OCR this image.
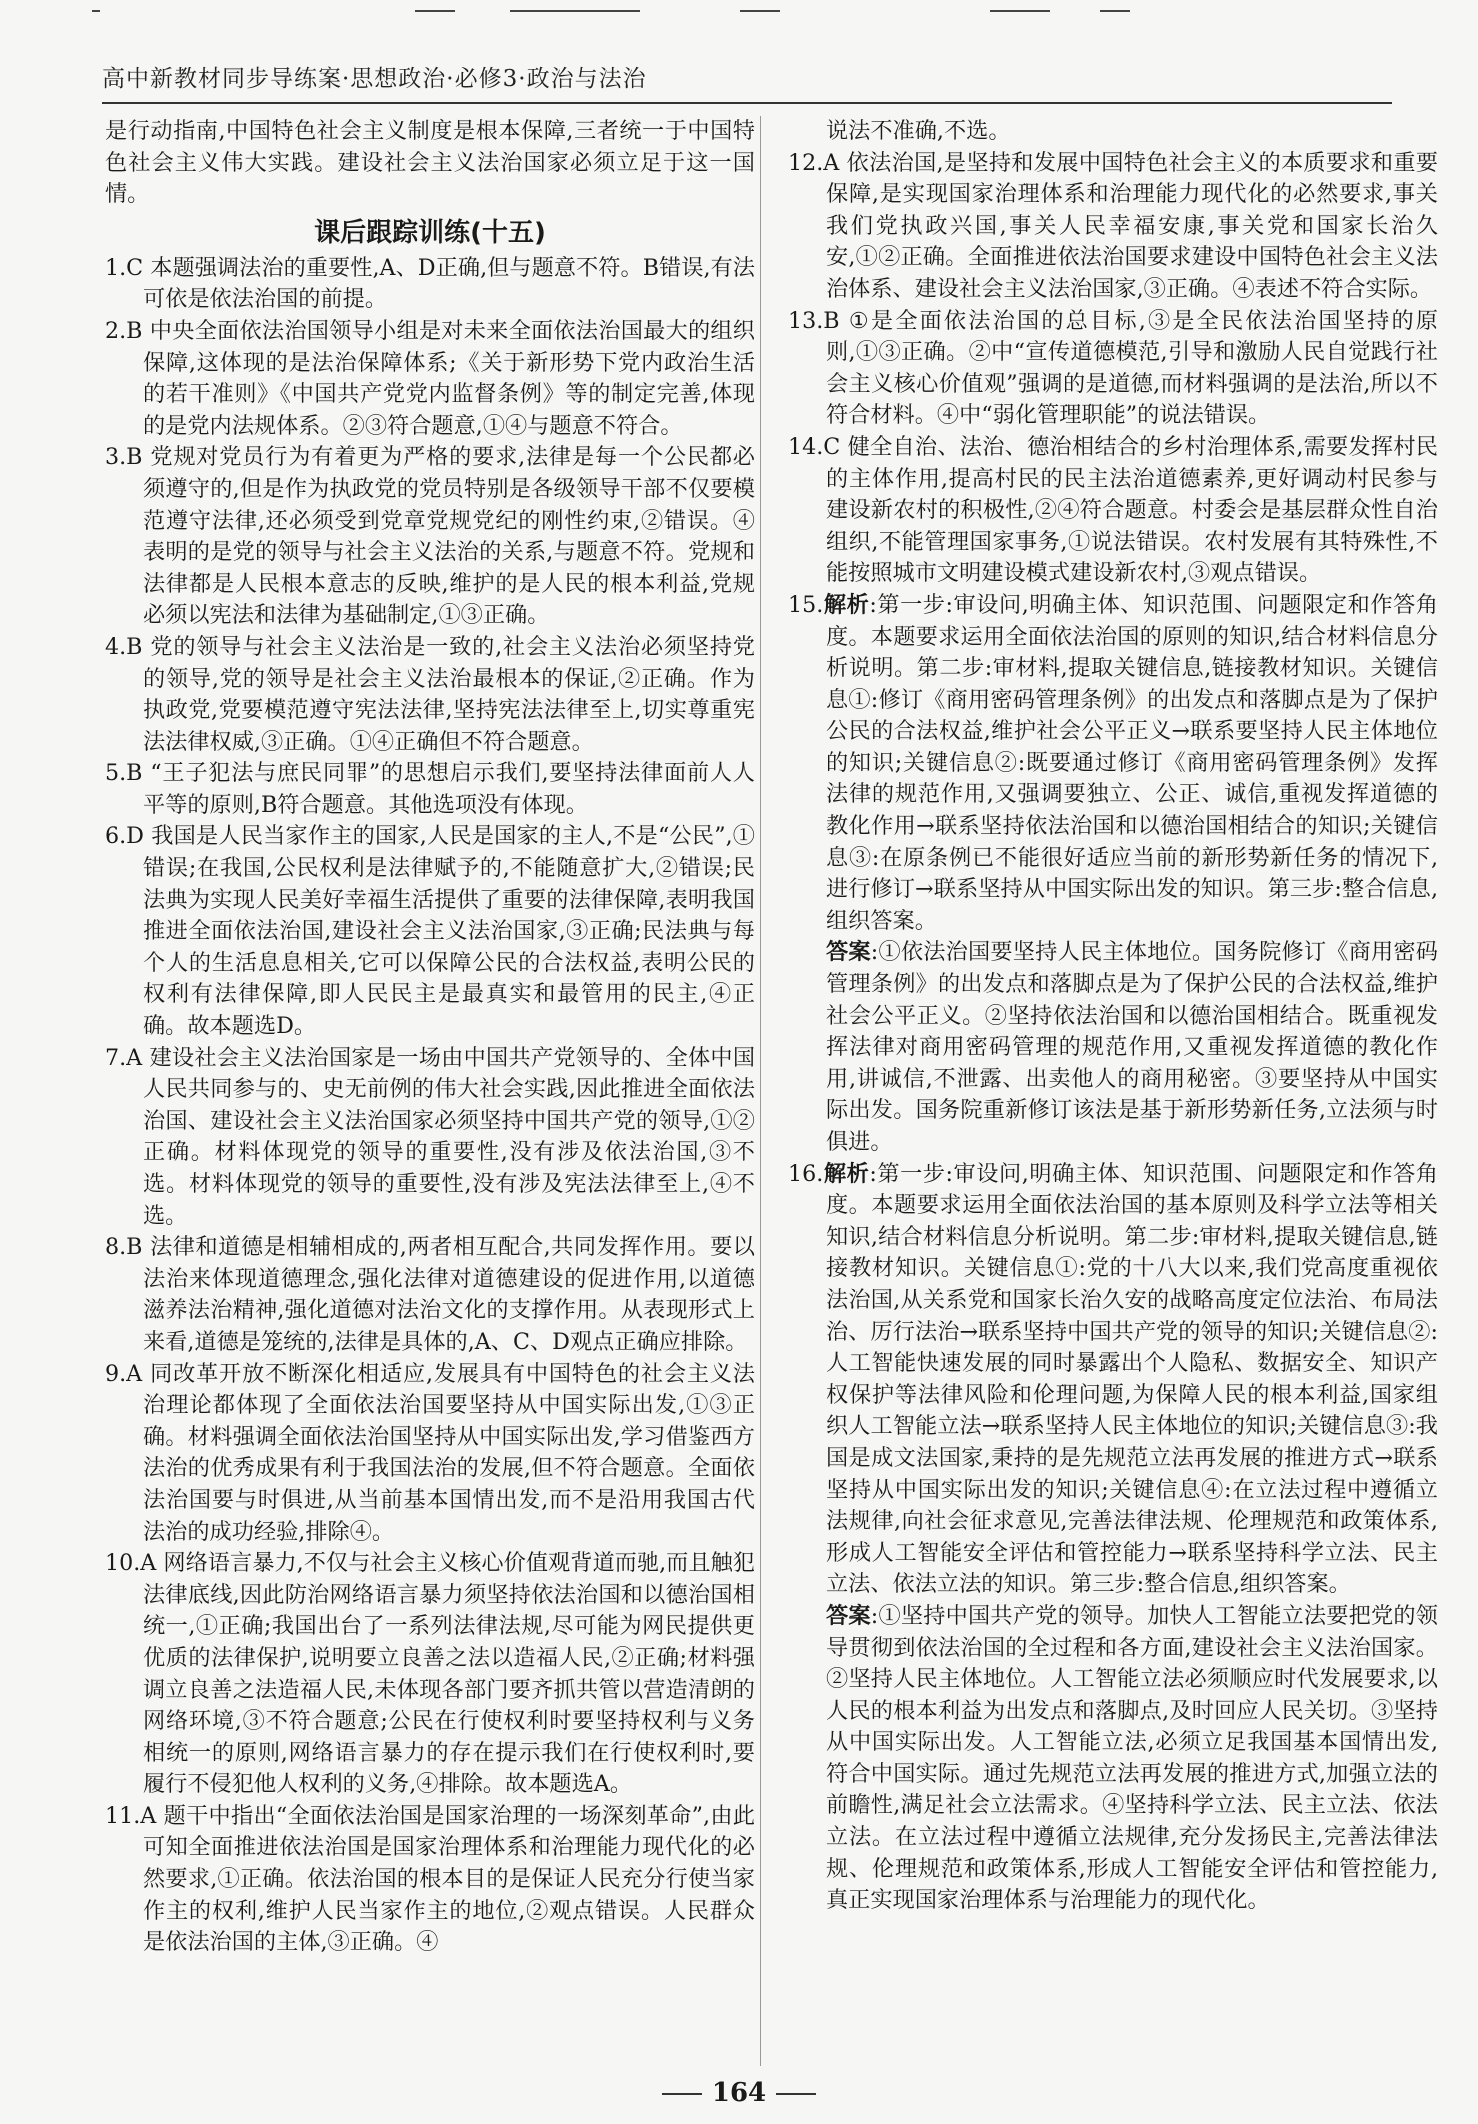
高中新教材同步导练案·思想政治·必修3·政治与法治

是行动指南,中国特色社会主义制度是根本保障,三者统一于中国特色社会主义伟大实践。建设社会主义法治国家必须立足于这一国情。

课后跟踪训练(十五)

1.C 本题强调法治的重要性,A、D正确,但与题意不符。B错误,有法可依是依法治国的前提。

2.B 中央全面依法治国领导小组是对未来全面依法治国最大的组织保障,这体现的是法治保障体系;《关于新形势下党内政治生活的若干准则》《中国共产党党内监督条例》等的制定完善,体现的是党内法规体系。②③符合题意,①④与题意不符合。

3.B 党规对党员行为有着更为严格的要求,法律是每一个公民都必须遵守的,但是作为执政党的党员特别是各级领导干部不仅要模范遵守法律,还必须受到党章党规党纪的刚性约束,②错误。④表明的是党的领导与社会主义法治的关系,与题意不符。党规和法律都是人民根本意志的反映,维护的是人民的根本利益,党规必须以宪法和法律为基础制定,①③正确。

4.B 党的领导与社会主义法治是一致的,社会主义法治必须坚持党的领导,党的领导是社会主义法治最根本的保证,②正确。作为执政党,党要模范遵守宪法法律,坚持宪法法律至上,切实尊重宪法法律权威,③正确。①④正确但不符合题意。

5.B “王子犯法与庶民同罪”的思想启示我们,要坚持法律面前人人平等的原则,B符合题意。其他选项没有体现。

6.D 我国是人民当家作主的国家,人民是国家的主人,不是“公民”,①错误;在我国,公民权利是法律赋予的,不能随意扩大,②错误;民法典为实现人民美好幸福生活提供了重要的法律保障,表明我国推进全面依法治国,建设社会主义法治国家,③正确;民法典与每个人的生活息息相关,它可以保障公民的合法权益,表明公民的权利有法律保障,即人民民主是最真实和最管用的民主,④正确。故本题选D。

7.A 建设社会主义法治国家是一场由中国共产党领导的、全体中国人民共同参与的、史无前例的伟大社会实践,因此推进全面依法治国、建设社会主义法治国家必须坚持中国共产党的领导,①②正确。材料体现党的领导的重要性,没有涉及依法治国,③不选。材料体现党的领导的重要性,没有涉及宪法法律至上,④不选。

8.B 法律和道德是相辅相成的,两者相互配合,共同发挥作用。要以法治来体现道德理念,强化法律对道德建设的促进作用,以道德滋养法治精神,强化道德对法治文化的支撑作用。从表现形式上来看,道德是笼统的,法律是具体的,A、C、D观点正确应排除。

9.A 同改革开放不断深化相适应,发展具有中国特色的社会主义法治理论都体现了全面依法治国要坚持从中国实际出发,①③正确。材料强调全面依法治国坚持从中国实际出发,学习借鉴西方法治的优秀成果有利于我国法治的发展,但不符合题意。全面依法治国要与时俱进,从当前基本国情出发,而不是沿用我国古代法治的成功经验,排除④。

10.A 网络语言暴力,不仅与社会主义核心价值观背道而驰,而且触犯法律底线,因此防治网络语言暴力须坚持依法治国和以德治国相统一,①正确;我国出台了一系列法律法规,尽可能为网民提供更优质的法律保护,说明要立良善之法以造福人民,②正确;材料强调立良善之法造福人民,未体现各部门要齐抓共管以营造清朗的网络环境,③不符合题意;公民在行使权利时要坚持权利与义务相统一的原则,网络语言暴力的存在提示我们在行使权利时,要履行不侵犯他人权利的义务,④排除。故本题选A。

11.A 题干中指出“全面依法治国是国家治理的一场深刻革命”,由此可知全面推进依法治国是国家治理体系和治理能力现代化的必然要求,①正确。依法治国的根本目的是保证人民充分行使当家作主的权利,维护人民当家作主的地位,②观点错误。人民群众是依法治国的主体,③正确。④

说法不准确,不选。

12.A 依法治国,是坚持和发展中国特色社会主义的本质要求和重要保障,是实现国家治理体系和治理能力现代化的必然要求,事关我们党执政兴国,事关人民幸福安康,事关党和国家长治久安,①②正确。全面推进依法治国要求建设中国特色社会主义法治体系、建设社会主义法治国家,③正确。④表述不符合实际。

13.B ①是全面依法治国的总目标,③是全民依法治国坚持的原则,①③正确。②中“宣传道德模范,引导和激励人民自觉践行社会主义核心价值观”强调的是道德,而材料强调的是法治,所以不符合材料。④中“弱化管理职能”的说法错误。

14.C 健全自治、法治、德治相结合的乡村治理体系,需要发挥村民的主体作用,提高村民的民主法治道德素养,更好调动村民参与建设新农村的积极性,②④符合题意。村委会是基层群众性自治组织,不能管理国家事务,①说法错误。农村发展有其特殊性,不能按照城市文明建设模式建设新农村,③观点错误。

15.解析:第一步:审设问,明确主体、知识范围、问题限定和作答角度。本题要求运用全面依法治国的原则的知识,结合材料信息分析说明。第二步:审材料,提取关键信息,链接教材知识。关键信息①:修订《商用密码管理条例》的出发点和落脚点是为了保护公民的合法权益,维护社会公平正义→联系要坚持人民主体地位的知识;关键信息②:既要通过修订《商用密码管理条例》发挥法律的规范作用,又强调要独立、公正、诚信,重视发挥道德的教化作用→联系坚持依法治国和以德治国相结合的知识;关键信息③:在原条例已不能很好适应当前的新形势新任务的情况下,进行修订→联系坚持从中国实际出发的知识。第三步:整合信息,组织答案。

答案:①依法治国要坚持人民主体地位。国务院修订《商用密码管理条例》的出发点和落脚点是为了保护公民的合法权益,维护社会公平正义。②坚持依法治国和以德治国相结合。既重视发挥法律对商用密码管理的规范作用,又重视发挥道德的教化作用,讲诚信,不泄露、出卖他人的商用秘密。③要坚持从中国实际出发。国务院重新修订该法是基于新形势新任务,立法须与时俱进。

16.解析:第一步:审设问,明确主体、知识范围、问题限定和作答角度。本题要求运用全面依法治国的基本原则及科学立法等相关知识,结合材料信息分析说明。第二步:审材料,提取关键信息,链接教材知识。关键信息①:党的十八大以来,我们党高度重视依法治国,从关系党和国家长治久安的战略高度定位法治、布局法治、厉行法治→联系坚持中国共产党的领导的知识;关键信息②:人工智能快速发展的同时暴露出个人隐私、数据安全、知识产权保护等法律风险和伦理问题,为保障人民的根本利益,国家组织人工智能立法→联系坚持人民主体地位的知识;关键信息③:我国是成文法国家,秉持的是先规范立法再发展的推进方式→联系坚持从中国实际出发的知识;关键信息④:在立法过程中遵循立法规律,向社会征求意见,完善法律法规、伦理规范和政策体系,形成人工智能安全评估和管控能力→联系坚持科学立法、民主立法、依法立法的知识。第三步:整合信息,组织答案。

答案:①坚持中国共产党的领导。加快人工智能立法要把党的领导贯彻到依法治国的全过程和各方面,建设社会主义法治国家。②坚持人民主体地位。人工智能立法必须顺应时代发展要求,以人民的根本利益为出发点和落脚点,及时回应人民关切。③坚持从中国实际出发。人工智能立法,必须立足我国基本国情出发,符合中国实际。通过先规范立法再发展的推进方式,加强立法的前瞻性,满足社会立法需求。④坚持科学立法、民主立法、依法立法。在立法过程中遵循立法规律,充分发扬民主,完善法律法规、伦理规范和政策体系,形成人工智能安全评估和管控能力,真正实现国家治理体系与治理能力的现代化。

164
